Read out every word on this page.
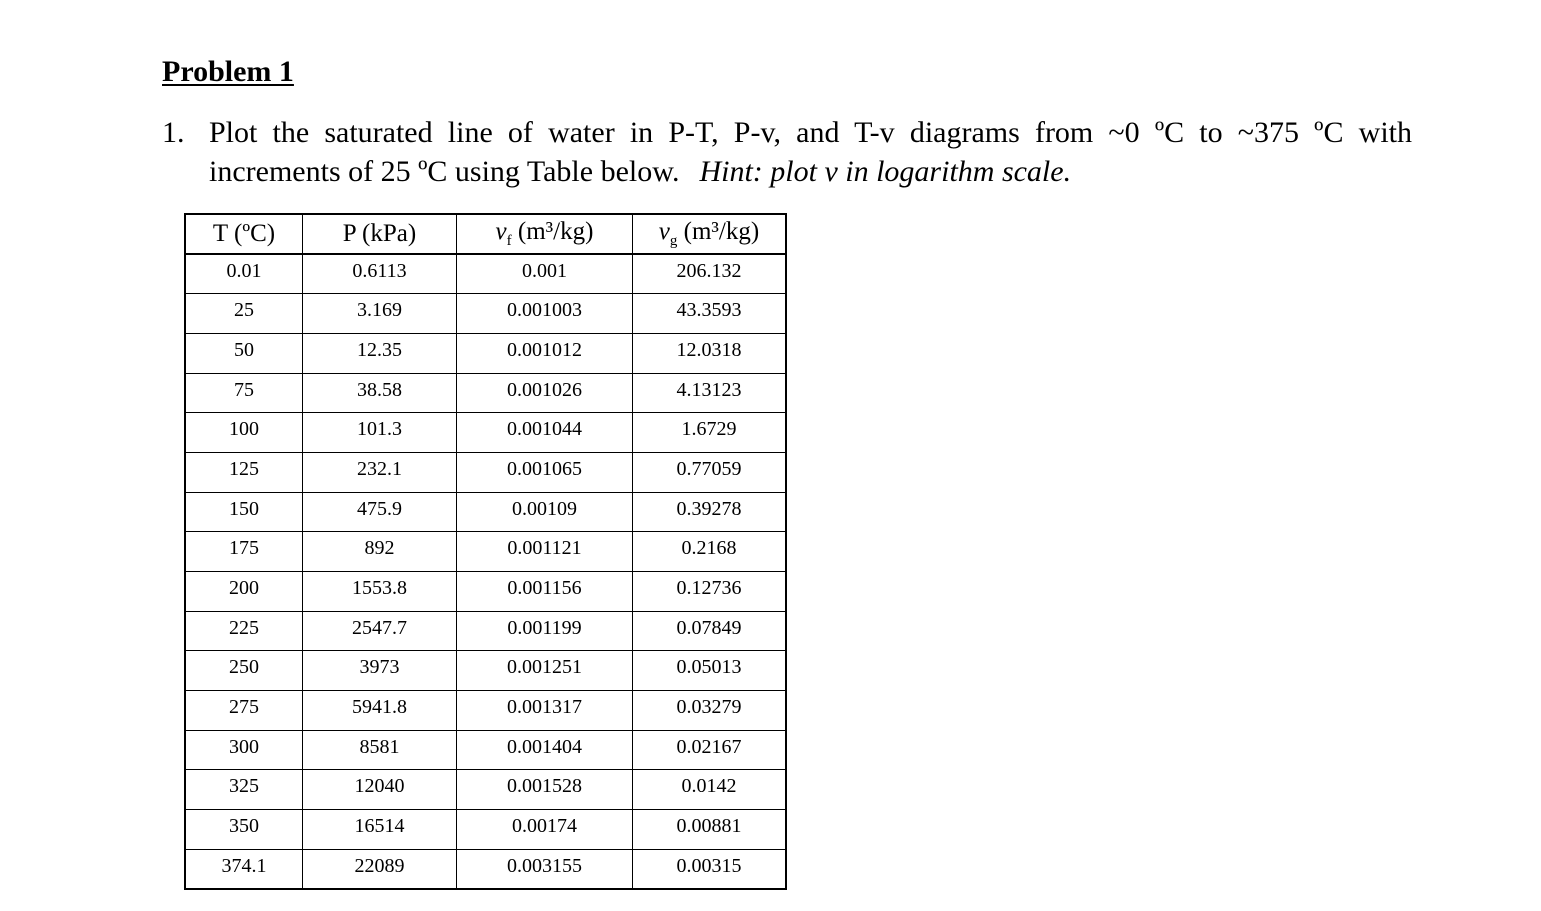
Problem 1
1. Plot the saturated line of water in P-T, P-v, and T-v diagrams from ~0 ºC to ~375 ºC with
increments of 25 ºC using Table below. Hint: plot v in logarithm scale.
T (ºC)	P (kPa)	$v_f$ (m³/kg)	$v_g$ (m³/kg)
0.01	0.6113	0.001	206.132
25	3.169	0.001003	43.3593
50	12.35	0.001012	12.0318
75	38.58	0.001026	4.13123
100	101.3	0.001044	1.6729
125	232.1	0.001065	0.77059
150	475.9	0.00109	0.39278
175	892	0.001121	0.2168
200	1553.8	0.001156	0.12736
225	2547.7	0.001199	0.07849
250	3973	0.001251	0.05013
275	5941.8	0.001317	0.03279
300	8581	0.001404	0.02167
325	12040	0.001528	0.0142
350	16514	0.00174	0.00881
374.1	22089	0.003155	0.00315
